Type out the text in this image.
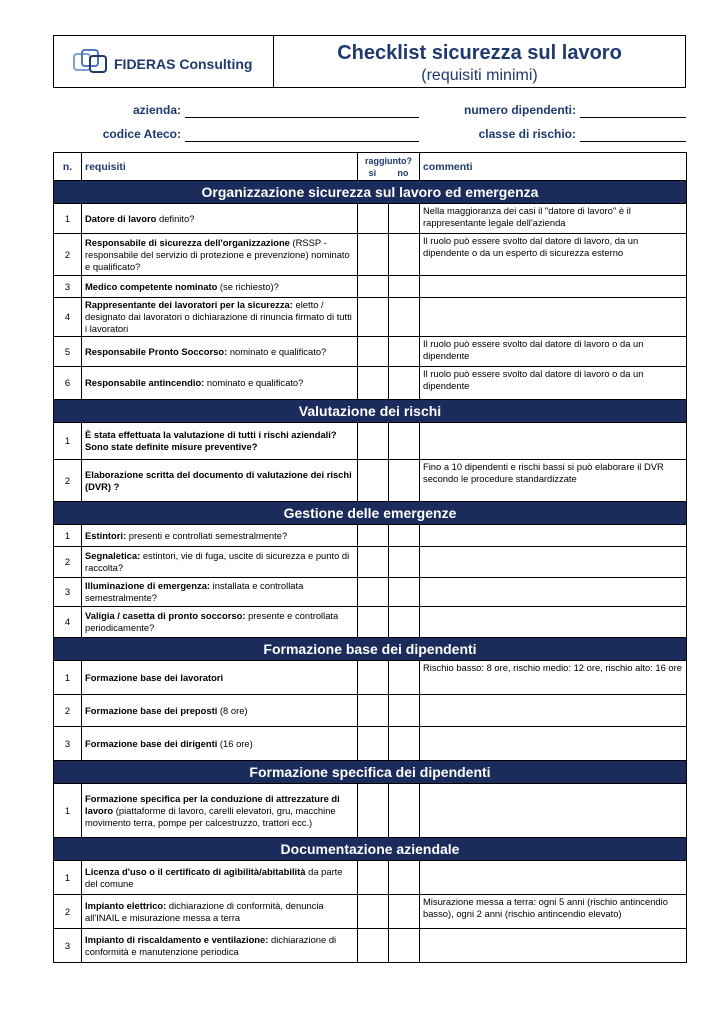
FIDERAS Consulting	Checklist sicurezza sul lavoro
(requisiti minimi)
azienda:	numero dipendenti:
codice Ateco:	classe di rischio:
n.	requisiti	raggiunto?
sì no		commenti
Organizzazione sicurezza sul lavoro ed emergenza				
1	Datore di lavoro definito?			Nella maggioranza dei casi il "datore di lavoro" è il rappresentante legale dell'azienda
2	Responsabile di sicurezza dell'organizzazione (RSSP - responsabile del servizio di protezione e prevenzione) nominato e qualificato?			Il ruolo può essere svolto dal datore di lavoro, da un dipendente o da un esperto di sicurezza esterno
3	Medico competente nominato (se richiesto)?			
4	Rappresentante dei lavoratori per la sicurezza: eletto / designato dai lavoratori o dichiarazione di rinuncia firmato di tutti i lavoratori			
5	Responsabile Pronto Soccorso: nominato e qualificato?			Il ruolo può essere svolto dal datore di lavoro o da un dipendente
6	Responsabile antincendio: nominato e qualificato?			Il ruolo può essere svolto dal datore di lavoro o da un dipendente
Valutazione dei rischi				
1	È stata effettuata la valutazione di tutti i rischi aziendali? Sono state definite misure preventive?			
2	Elaborazione scritta del documento di valutazione dei rischi (DVR) ?			Fino a 10 dipendenti e rischi bassi si può elaborare il DVR secondo le procedure standardizzate
Gestione delle emergenze				
1	Estintori: presenti e controllati semestralmente?			
2	Segnaletica: estintori, vie di fuga, uscite di sicurezza e punto di raccolta?			
3	Illuminazione di emergenza: installata e controllata semestralmente?			
4	Valigia / casetta di pronto soccorso: presente e controllata periodicamente?			
Formazione base dei dipendenti				
1	Formazione base dei lavoratori			Rischio basso: 8 ore, rischio medio: 12 ore, rischio alto: 16 ore
2	Formazione base dei preposti (8 ore)			
3	Formazione base dei dirigenti (16 ore)			
Formazione specifica dei dipendenti				
1	Formazione specifica per la conduzione di attrezzature di lavoro (piattaforme di lavoro, carelli elevatori, gru, macchine movimento terra, pompe per calcestruzzo, trattori ecc.)			
Documentazione aziendale				
1	Licenza d'uso o il certificato di agibilità/abitabilità da parte del comune			
2	Impianto elettrico: dichiarazione di conformità, denuncia all'INAIL e misurazione messa a terra			Misurazione messa a terra: ogni 5 anni (rischio antincendio basso), ogni 2 anni (rischio antincendio elevato)
3	Impianto di riscaldamento e ventilazione: dichiarazione di conformità e manutenzione periodica			
